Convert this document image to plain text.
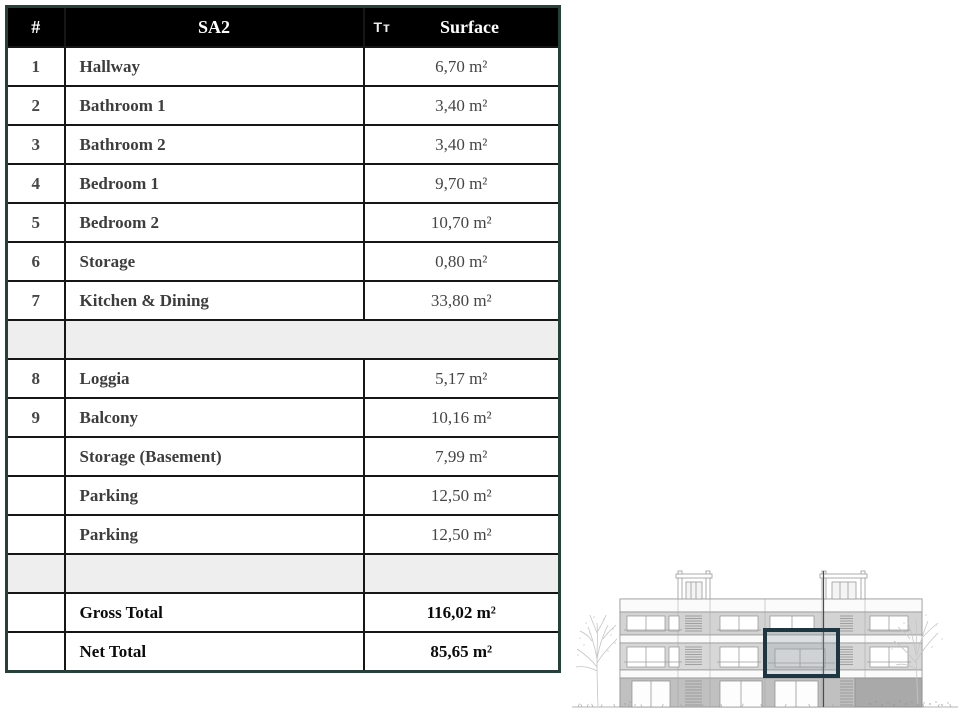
#	SA2	Tт Surface

1	Hallway	6,70 m²
2	Bathroom 1	3,40 m²
3	Bathroom 2	3,40 m²
4	Bedroom 1	9,70 m²
5	Bedroom 2	10,70 m²
6	Storage	0,80 m²
7	Kitchen & Dining	33,80 m²

8	Loggia	5,17 m²
9	Balcony	10,16 m²
	Storage (Basement)	7,99 m²
	Parking	12,50 m²
	Parking	12,50 m²

	Gross Total	116,02 m²
	Net Total	85,65 m²
